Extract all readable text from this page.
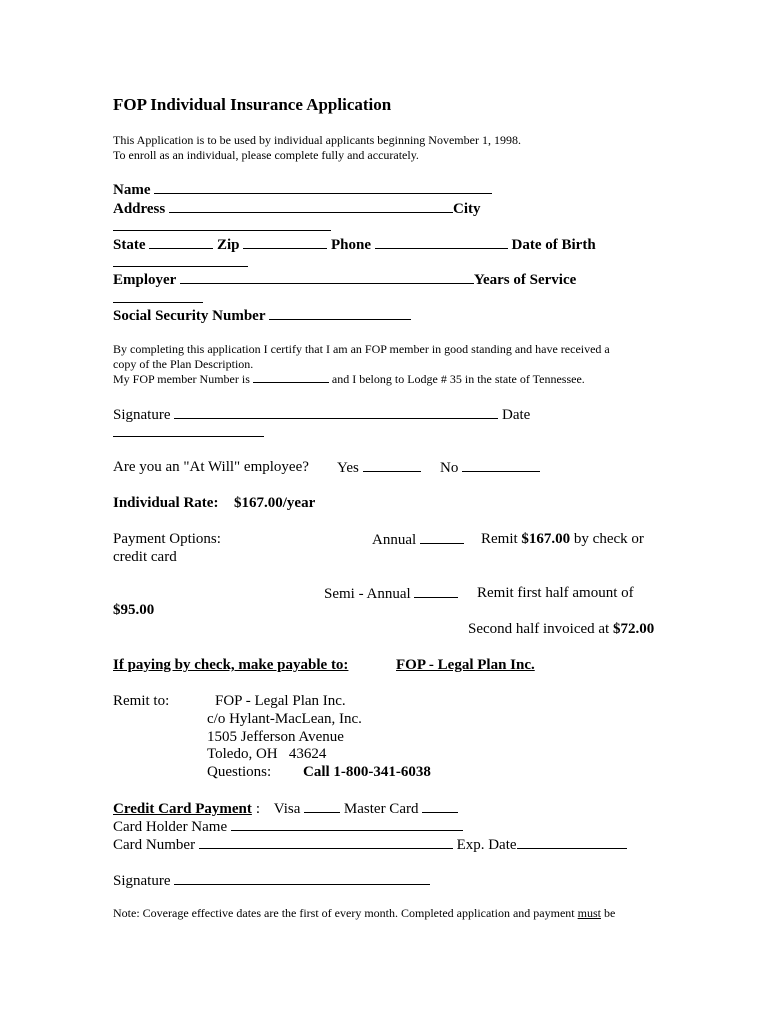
FOP Individual Insurance Application
This Application is to be used by individual applicants beginning November 1, 1998.
To enroll as an individual, please complete fully and accurately.
Name
Address	City
State	Zip	Phone	Date of Birth
Employer	Years of Service
Social Security Number
By completing this application I certify that I am an FOP member in good standing and have received a
copy of the Plan Description.
My FOP member Number is	and I belong to Lodge # 35 in the state of Tennessee.
Signature	Date
Are you an "At Will" employee? Yes	No
Individual Rate: $167.00/year
Payment Options:	Annual	Remit $167.00 by check or
credit card
Semi - Annual	Remit first half amount of
$95.00
Second half invoiced at $72.00
If paying by check, make payable to:	FOP - Legal Plan Inc.
Remit to:	FOP - Legal Plan Inc.
c/o Hylant-MacLean, Inc.
1505 Jefferson Avenue
Toledo, OH   43624
Questions: Call 1-800-341-6038
Credit Card Payment : Visa	Master Card
Card Holder Name
Card Number	Exp. Date
Signature
Note: Coverage effective dates are the first of every month. Completed application and payment must be
